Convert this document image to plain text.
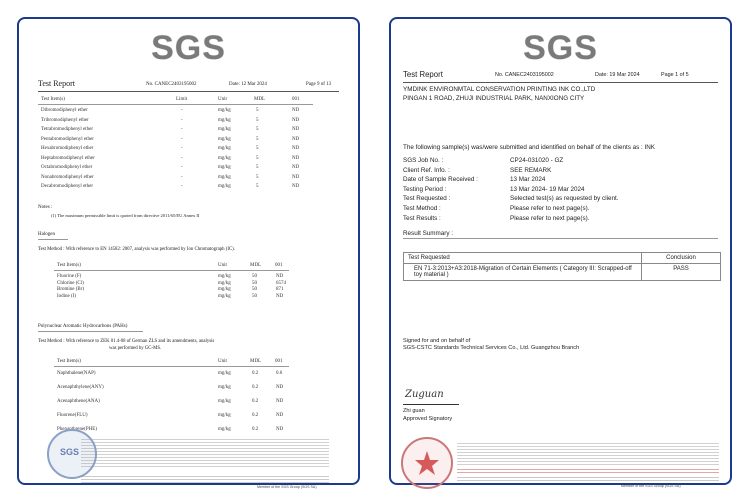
SGS
Test Report	No. CANEC2403195002	Date: 12 Mar 2024	Page 9 of 13
Test Item(s)	Limit	Unit	MDL	001
Dibromodiphenyl ether	-	mg/kg	5	ND
Tribromodiphenyl ether	-	mg/kg	5	ND
Tetrabromodiphenyl ether	-	mg/kg	5	ND
Pentabromodiphenyl ether	-	mg/kg	5	ND
Hexabromodiphenyl ether	-	mg/kg	5	ND
Heptabromodiphenyl ether	-	mg/kg	5	ND
Octabromodiphenyl ether	-	mg/kg	5	ND
Nonabromodiphenyl ether	-	mg/kg	5	ND
Decabromodiphenyl ether	-	mg/kg	5	ND
Notes :
(1) The maximum permissible limit is quoted from directive 2011/65/EU Annex II
Halogen
Test Method : With reference to EN 14582: 2007, analysis was performed by Ion Chromatograph (IC).
Test Item(s)	Unit	MDL	001
Fluorine (F)	mg/kg	50	ND
Chlorine (Cl)	mg/kg	50	6574
Bromine (Br)	mg/kg	50	871
Iodine (I)	mg/kg	50	ND
Polynuclear Aromatic Hydrocarbons (PAHs)
Test Method : With reference to ZEK 01.4-08 of German ZLS and its amendments, analysis
was performed by GC-MS.
Test Item(s)	Unit	MDL	001
Naphthalene(NAP)	mg/kg	0.2	0.6
Acenaphthylene(ANY)	mg/kg	0.2	ND
Acenaphthene(ANA)	mg/kg	0.2	ND
Fluorene(FLU)	mg/kg	0.2	ND
Phenanthrene(PHE)	mg/kg	0.2	ND
SGS
Member of the SGS Group (SGS SA)
SGS
Test Report	No. CANEC2403195002	Date: 19 Mar 2024	Page 1 of 5
YMDINK ENVIRONMTAL CONSERVATION PRINTING INK CO.,LTD
PINGAN 1 ROAD, ZHUJI INDUSTRIAL PARK, NANXIONG CITY
The following sample(s) was/were submitted and identified on behalf of the clients as : INK
SGS Job No. :	CP24-031020 - GZ
Client Ref. Info. :	SEE REMARK
Date of Sample Received :	13 Mar 2024
Testing Period :	13 Mar 2024- 19 Mar 2024
Test Requested :	Selected test(s) as requested by client.
Test Method :	Please refer to next page(s).
Test Results :	Please refer to next page(s).
Result Summary :
Test Requested	Conclusion

EN 71-3:2013+A3:2018-Migration of Certain Elements ( Category III: Scrapped-off
toy material )	PASS
Signed for and on behalf of
SGS-CSTC Standards Technical Services Co., Ltd. Guangzhou Branch
Zuguan
Zhi guan
Approved Signatory
Member of the SGS Group (SGS SA)
